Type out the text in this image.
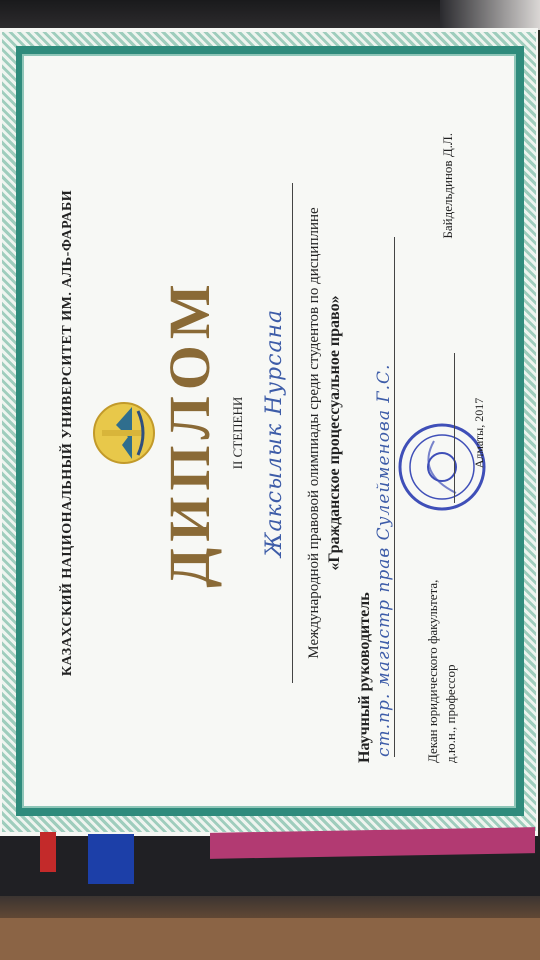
КАЗАХСКИЙ НАЦИОНАЛЬНЫЙ УНИВЕРСИТЕТ ИМ. АЛЬ-ФАРАБИ ДИПЛОМ II СТЕПЕНИ Жаксылык Нурсана	Международной правовой олимпиады среди студентов по дисциплине «Гражданское процессуальное право»
Научный руководитель ст.пр. магистр прав Сулейменова Г.С. Декан юридического факультета, д.ю.н., профессор
Байдельдинов Д.Л.
Алматы, 2017
